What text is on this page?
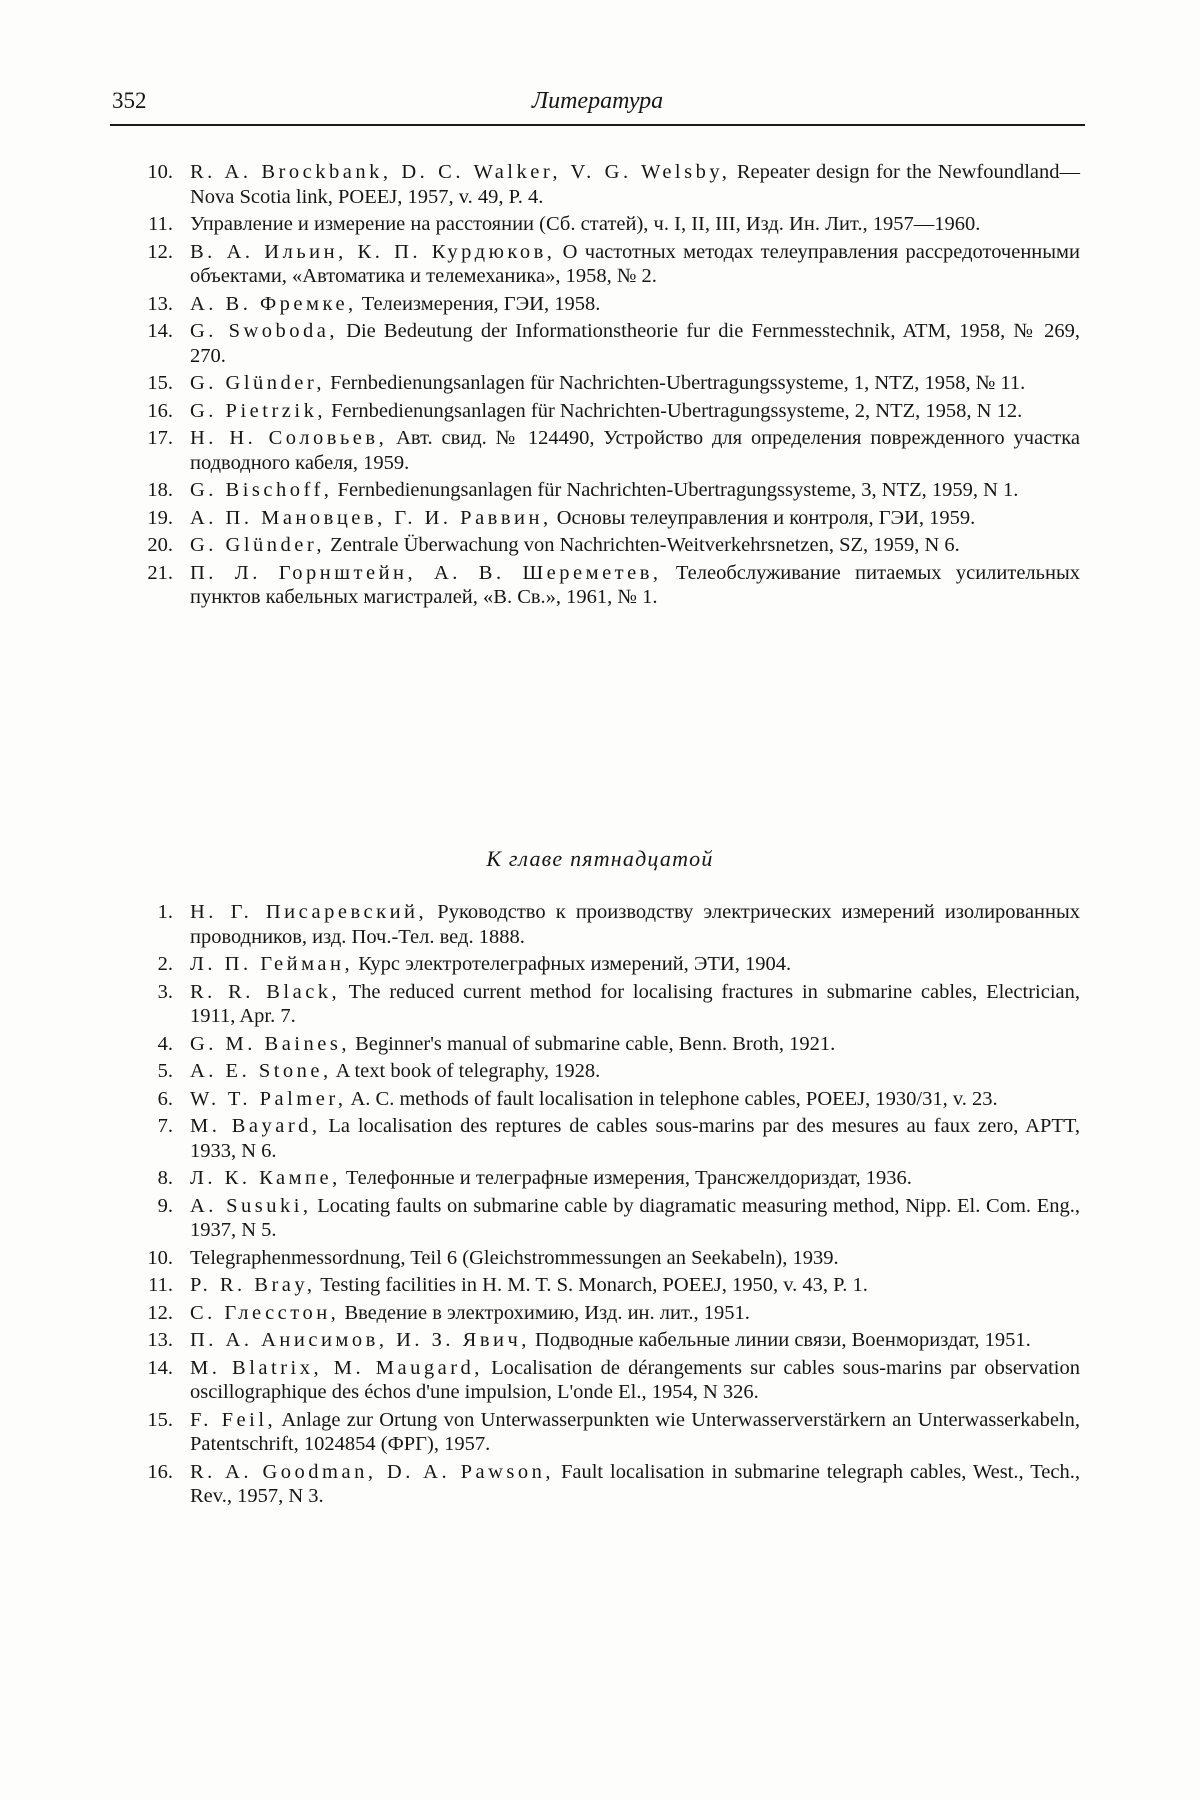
352	Литература
10. R. A. Brockbank, D. C. Walker, V. G. Welsby, Repeater design for the Newfoundland—Nova Scotia link, POEEJ, 1957, v. 49, P. 4.
11. Управление и измерение на расстоянии (Сб. статей), ч. I, II, III, Изд. Ин. Лит., 1957—1960.
12. В. А. Ильин, К. П. Курдюков, О частотных методах телеуправления рассредоточенными объектами, «Автоматика и телемеханика», 1958, № 2.
13. А. В. Фремке, Телеизмерения, ГЭИ, 1958.
14. G. Swoboda, Die Bedeutung der Informationstheorie fur die Fernmesstechnik, ATM, 1958, № 269, 270.
15. G. Glünder, Fernbedienungsanlagen für Nachrichten-Ubertragungssysteme, 1, NTZ, 1958, № 11.
16. G. Pietrzik, Fernbedienungsanlagen für Nachrichten-Ubertragungssysteme, 2, NTZ, 1958, N 12.
17. Н. Н. Соловьев, Авт. свид. № 124490, Устройство для определения поврежденного участка подводного кабеля, 1959.
18. G. Bischoff, Fernbedienungsanlagen für Nachrichten-Ubertragungssysteme, 3, NTZ, 1959, N 1.
19. А. П. Мановцев, Г. И. Раввин, Основы телеуправления и контроля, ГЭИ, 1959.
20. G. Glünder, Zentrale Überwachung von Nachrichten-Weitverkehrsnetzen, SZ, 1959, N 6.
21. П. Л. Горнштейн, А. В. Шереметев, Телеобслуживание питаемых усилительных пунктов кабельных магистралей, «В. Св.», 1961, № 1.
К главе пятнадцатой
1. Н. Г. Писаревский, Руководство к производству электрических измерений изолированных проводников, изд. Поч.-Тел. вед. 1888.
2. Л. П. Гейман, Курс электротелеграфных измерений, ЭТИ, 1904.
3. R. R. Black, The reduced current method for localising fractures in submarine cables, Electrician, 1911, Apr. 7.
4. G. M. Baines, Beginner's manual of submarine cable, Benn. Broth, 1921.
5. A. E. Stone, A text book of telegraphy, 1928.
6. W. T. Palmer, A. C. methods of fault localisation in telephone cables, POEEJ, 1930/31, v. 23.
7. M. Bayard, La localisation des reptures de cables sous-marins par des mesures au faux zero, APTT, 1933, N 6.
8. Л. К. Кампе, Телефонные и телеграфные измерения, Трансжелдориздат, 1936.
9. A. Susuki, Locating faults on submarine cable by diagramatic measuring method, Nipp. El. Com. Eng., 1937, N 5.
10. Telegraphenmessordnung, Teil 6 (Gleichstrommessungen an Seekabeln), 1939.
11. P. R. Bray, Testing facilities in H. M. T. S. Monarch, POEEJ, 1950, v. 43, P. 1.
12. С. Глесстон, Введение в электрохимию, Изд. ин. лит., 1951.
13. П. А. Анисимов, И. З. Явич, Подводные кабельные линии связи, Военмориздат, 1951.
14. M. Blatrix, M. Maugard, Localisation de dérangements sur cables sous-marins par observation oscillographique des échos d'une impulsion, L'onde El., 1954, N 326.
15. F. Feil, Anlage zur Ortung von Unterwasserpunkten wie Unterwasserverstärkern an Unterwasserkabeln, Patentschrift, 1024854 (ФРГ), 1957.
16. R. A. Goodman, D. A. Pawson, Fault localisation in submarine telegraph cables, West., Tech., Rev., 1957, N 3.
